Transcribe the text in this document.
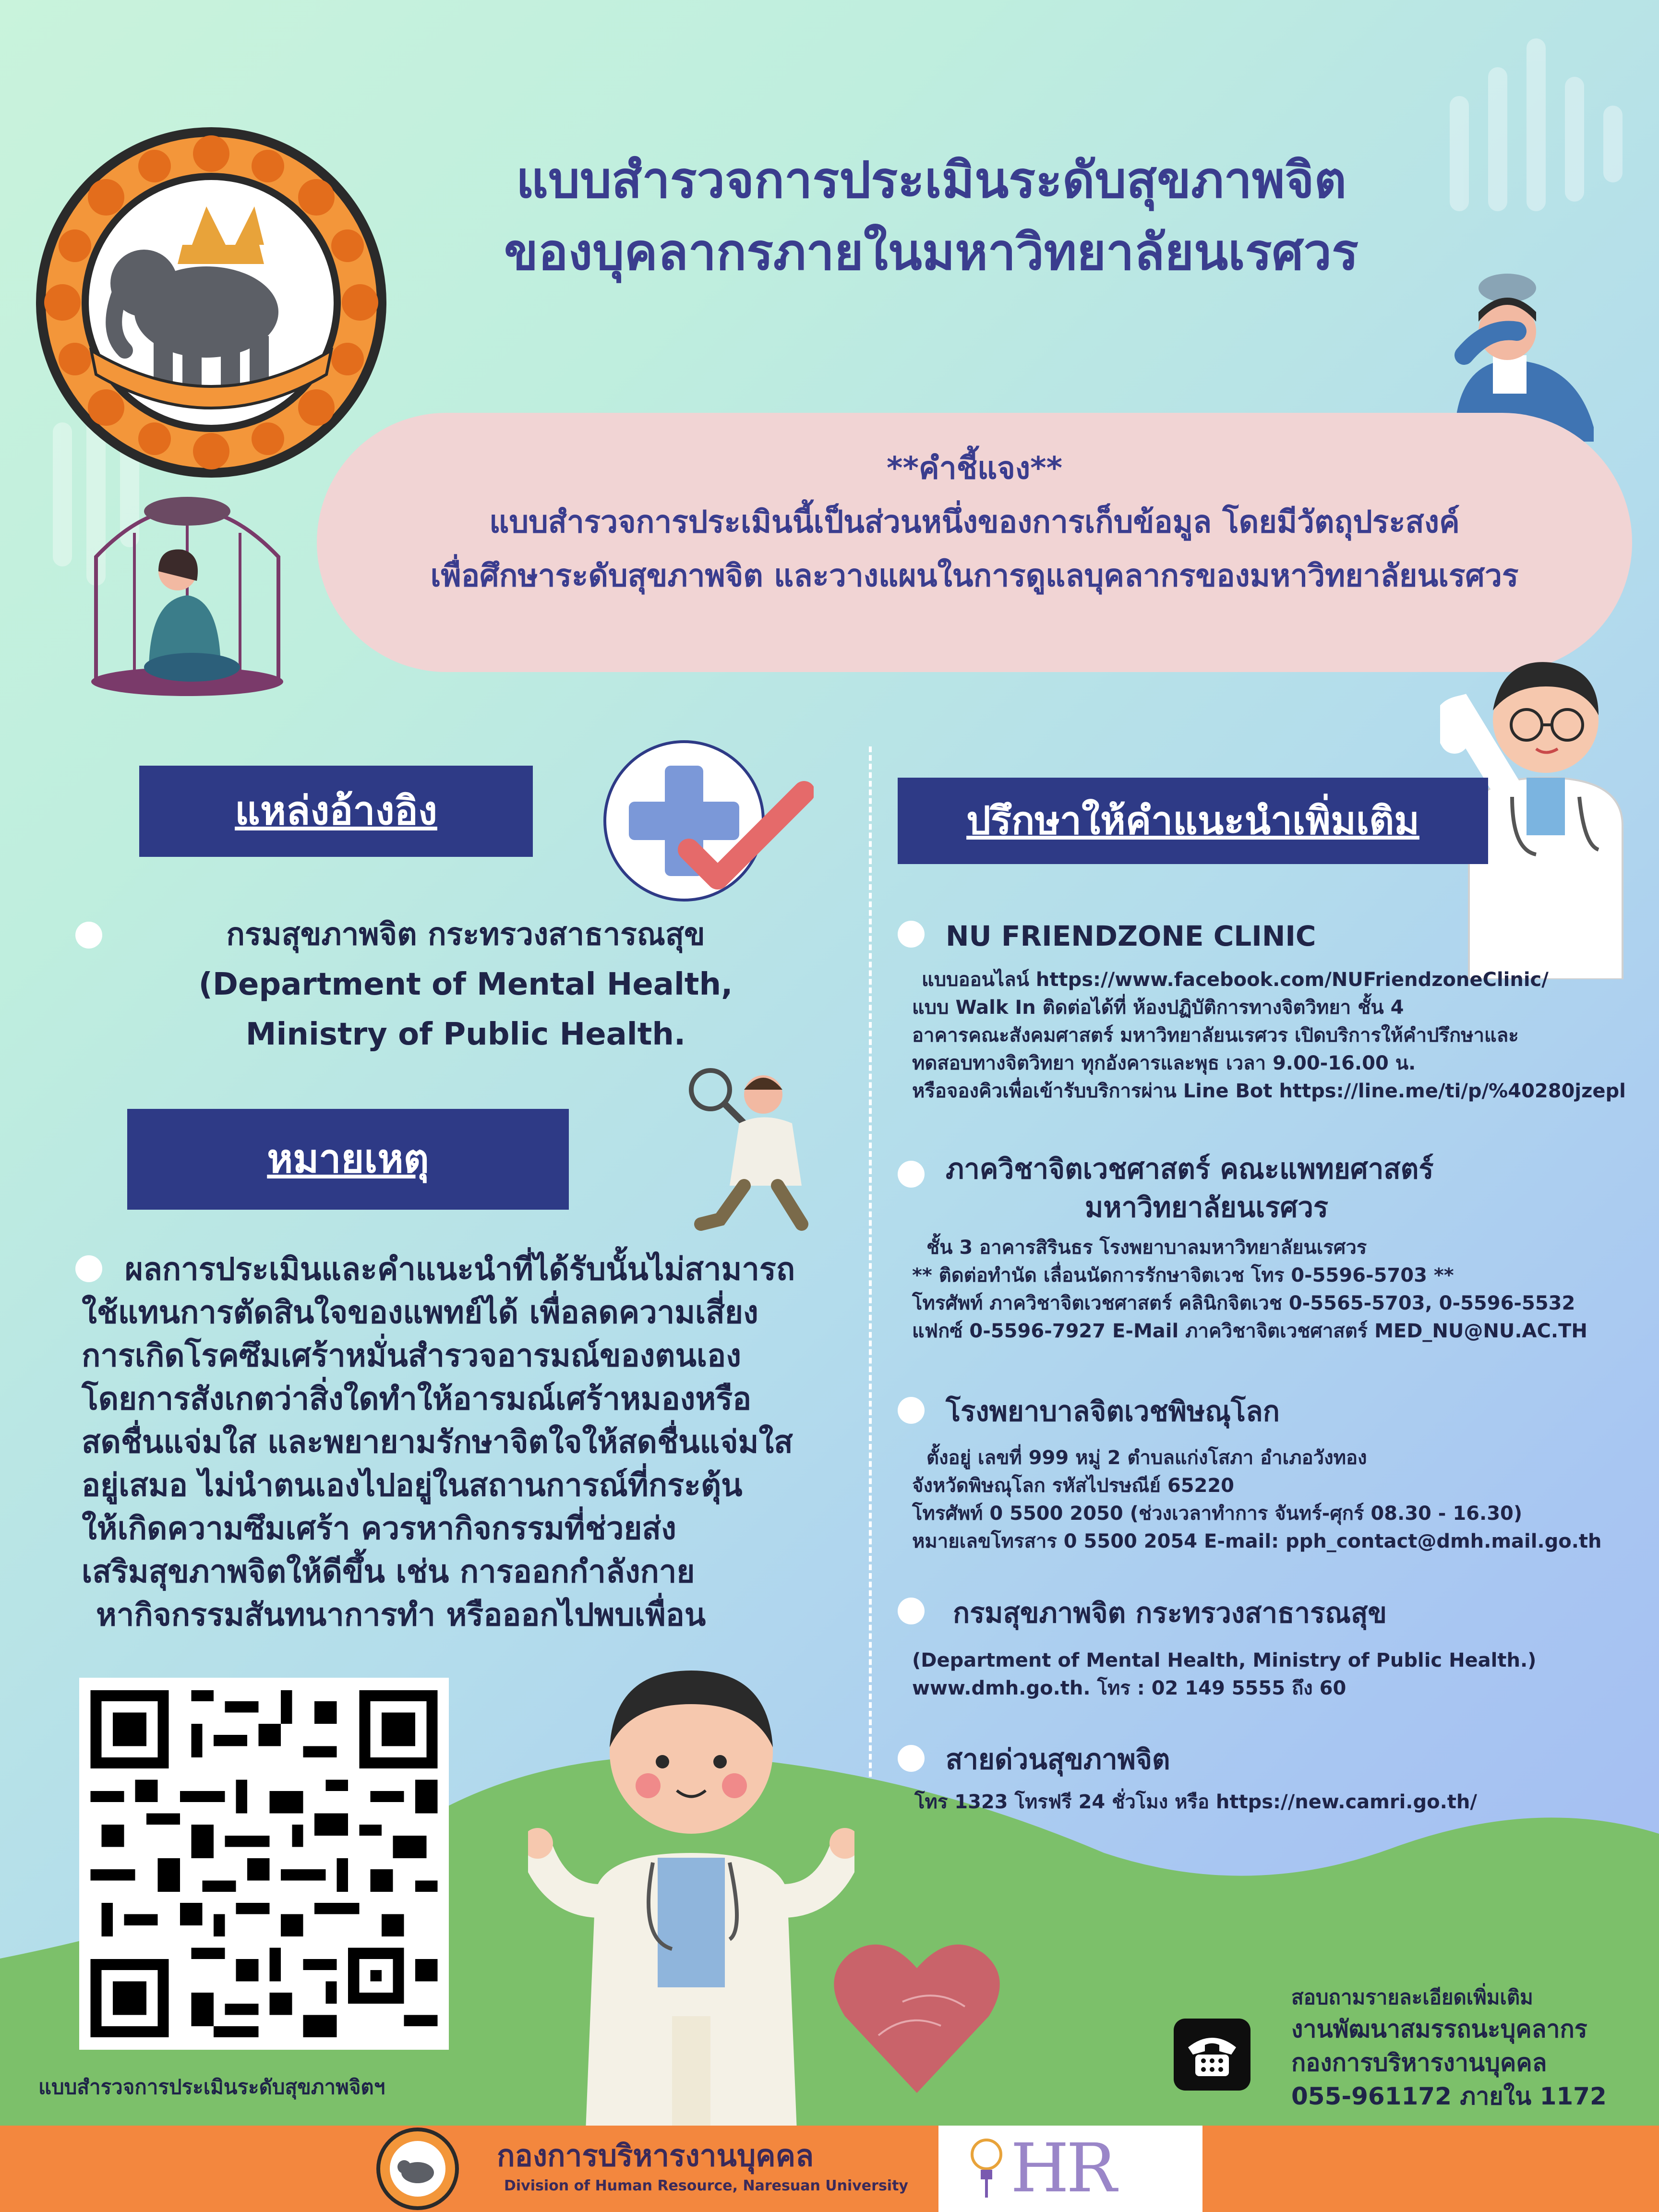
แบบสำรวจการประเมินระดับสุขภาพจิต
ของบุคลากรภายในมหาวิทยาลัยนเรศวร
**คำชี้แจง**
แบบสำรวจการประเมินนี้เป็นส่วนหนึ่งของการเก็บข้อมูล โดยมีวัตถุประสงค์
เพื่อศึกษาระดับสุขภาพจิต และวางแผนในการดูแลบุคลากรของมหาวิทยาลัยนเรศวร
แหล่งอ้างอิง
กรมสุขภาพจิต กระทรวงสาธารณสุข
(Department of Mental Health,
Ministry of Public Health.
หมายเหตุ
ผลการประเมินและคำแนะนำที่ได้รับนั้นไม่สามารถ
ใช้แทนการตัดสินใจของแพทย์ได้ เพื่อลดความเสี่ยง
การเกิดโรคซึมเศร้าหมั่นสำรวจอารมณ์ของตนเอง
โดยการสังเกตว่าสิ่งใดทำให้อารมณ์เศร้าหมองหรือ
สดชื่นแจ่มใส และพยายามรักษาจิตใจให้สดชื่นแจ่มใส
อยู่เสมอ ไม่นำตนเองไปอยู่ในสถานการณ์ที่กระตุ้น
ให้เกิดความซึมเศร้า ควรหากิจกรรมที่ช่วยส่ง
เสริมสุขภาพจิตให้ดีขึ้น เช่น การออกกำลังกาย
หากิจกรรมสันทนาการทำ หรือออกไปพบเพื่อน
ปรึกษาให้คำแนะนำเพิ่มเติม
NU FRIENDZONE CLINIC
แบบออนไลน์ https://www.facebook.com/NUFriendzoneClinic/
แบบ Walk In ติดต่อได้ที่ ห้องปฏิบัติการทางจิตวิทยา ชั้น 4
อาคารคณะสังคมศาสตร์ มหาวิทยาลัยนเรศวร เปิดบริการให้คำปรึกษาและ
ทดสอบทางจิตวิทยา ทุกอังคารและพุธ เวลา 9.00-16.00 น.
หรือจองคิวเพื่อเข้ารับบริการผ่าน Line Bot https://line.me/ti/p/%40280jzepl
ภาควิชาจิตเวชศาสตร์ คณะแพทยศาสตร์
มหาวิทยาลัยนเรศวร
ชั้น 3 อาคารสิรินธร โรงพยาบาลมหาวิทยาลัยนเรศวร
** ติดต่อทำนัด เลื่อนนัดการรักษาจิตเวช โทร 0-5596-5703 **
โทรศัพท์ ภาควิชาจิตเวชศาสตร์ คลินิกจิตเวช 0-5565-5703, 0-5596-5532
แฟกซ์ 0-5596-7927 E-Mail ภาควิชาจิตเวชศาสตร์ MED_NU@NU.AC.TH
โรงพยาบาลจิตเวชพิษณุโลก
ตั้งอยู่ เลขที่ 999 หมู่ 2 ตำบลแก่งโสภา อำเภอวังทอง
จังหวัดพิษณุโลก รหัสไปรษณีย์ 65220
โทรศัพท์ 0 5500 2050 (ช่วงเวลาทำการ จันทร์-ศุกร์ 08.30 - 16.30)
หมายเลขโทรสาร 0 5500 2054 E-mail: pph_contact@dmh.mail.go.th
กรมสุขภาพจิต กระทรวงสาธารณสุข
(Department of Mental Health, Ministry of Public Health.)
www.dmh.go.th. โทร : 02 149 5555 ถึง 60
สายด่วนสุขภาพจิต
โทร 1323 โทรฟรี 24 ชั่วโมง หรือ https://new.camri.go.th/
แบบสำรวจการประเมินระดับสุขภาพจิตฯ
สอบถามรายละเอียดเพิ่มเติม
งานพัฒนาสมรรถนะบุคลากร
กองการบริหารงานบุคคล
055-961172 ภายใน 1172
กองการบริหารงานบุคคล
Division of Human Resource, Naresuan University HR
